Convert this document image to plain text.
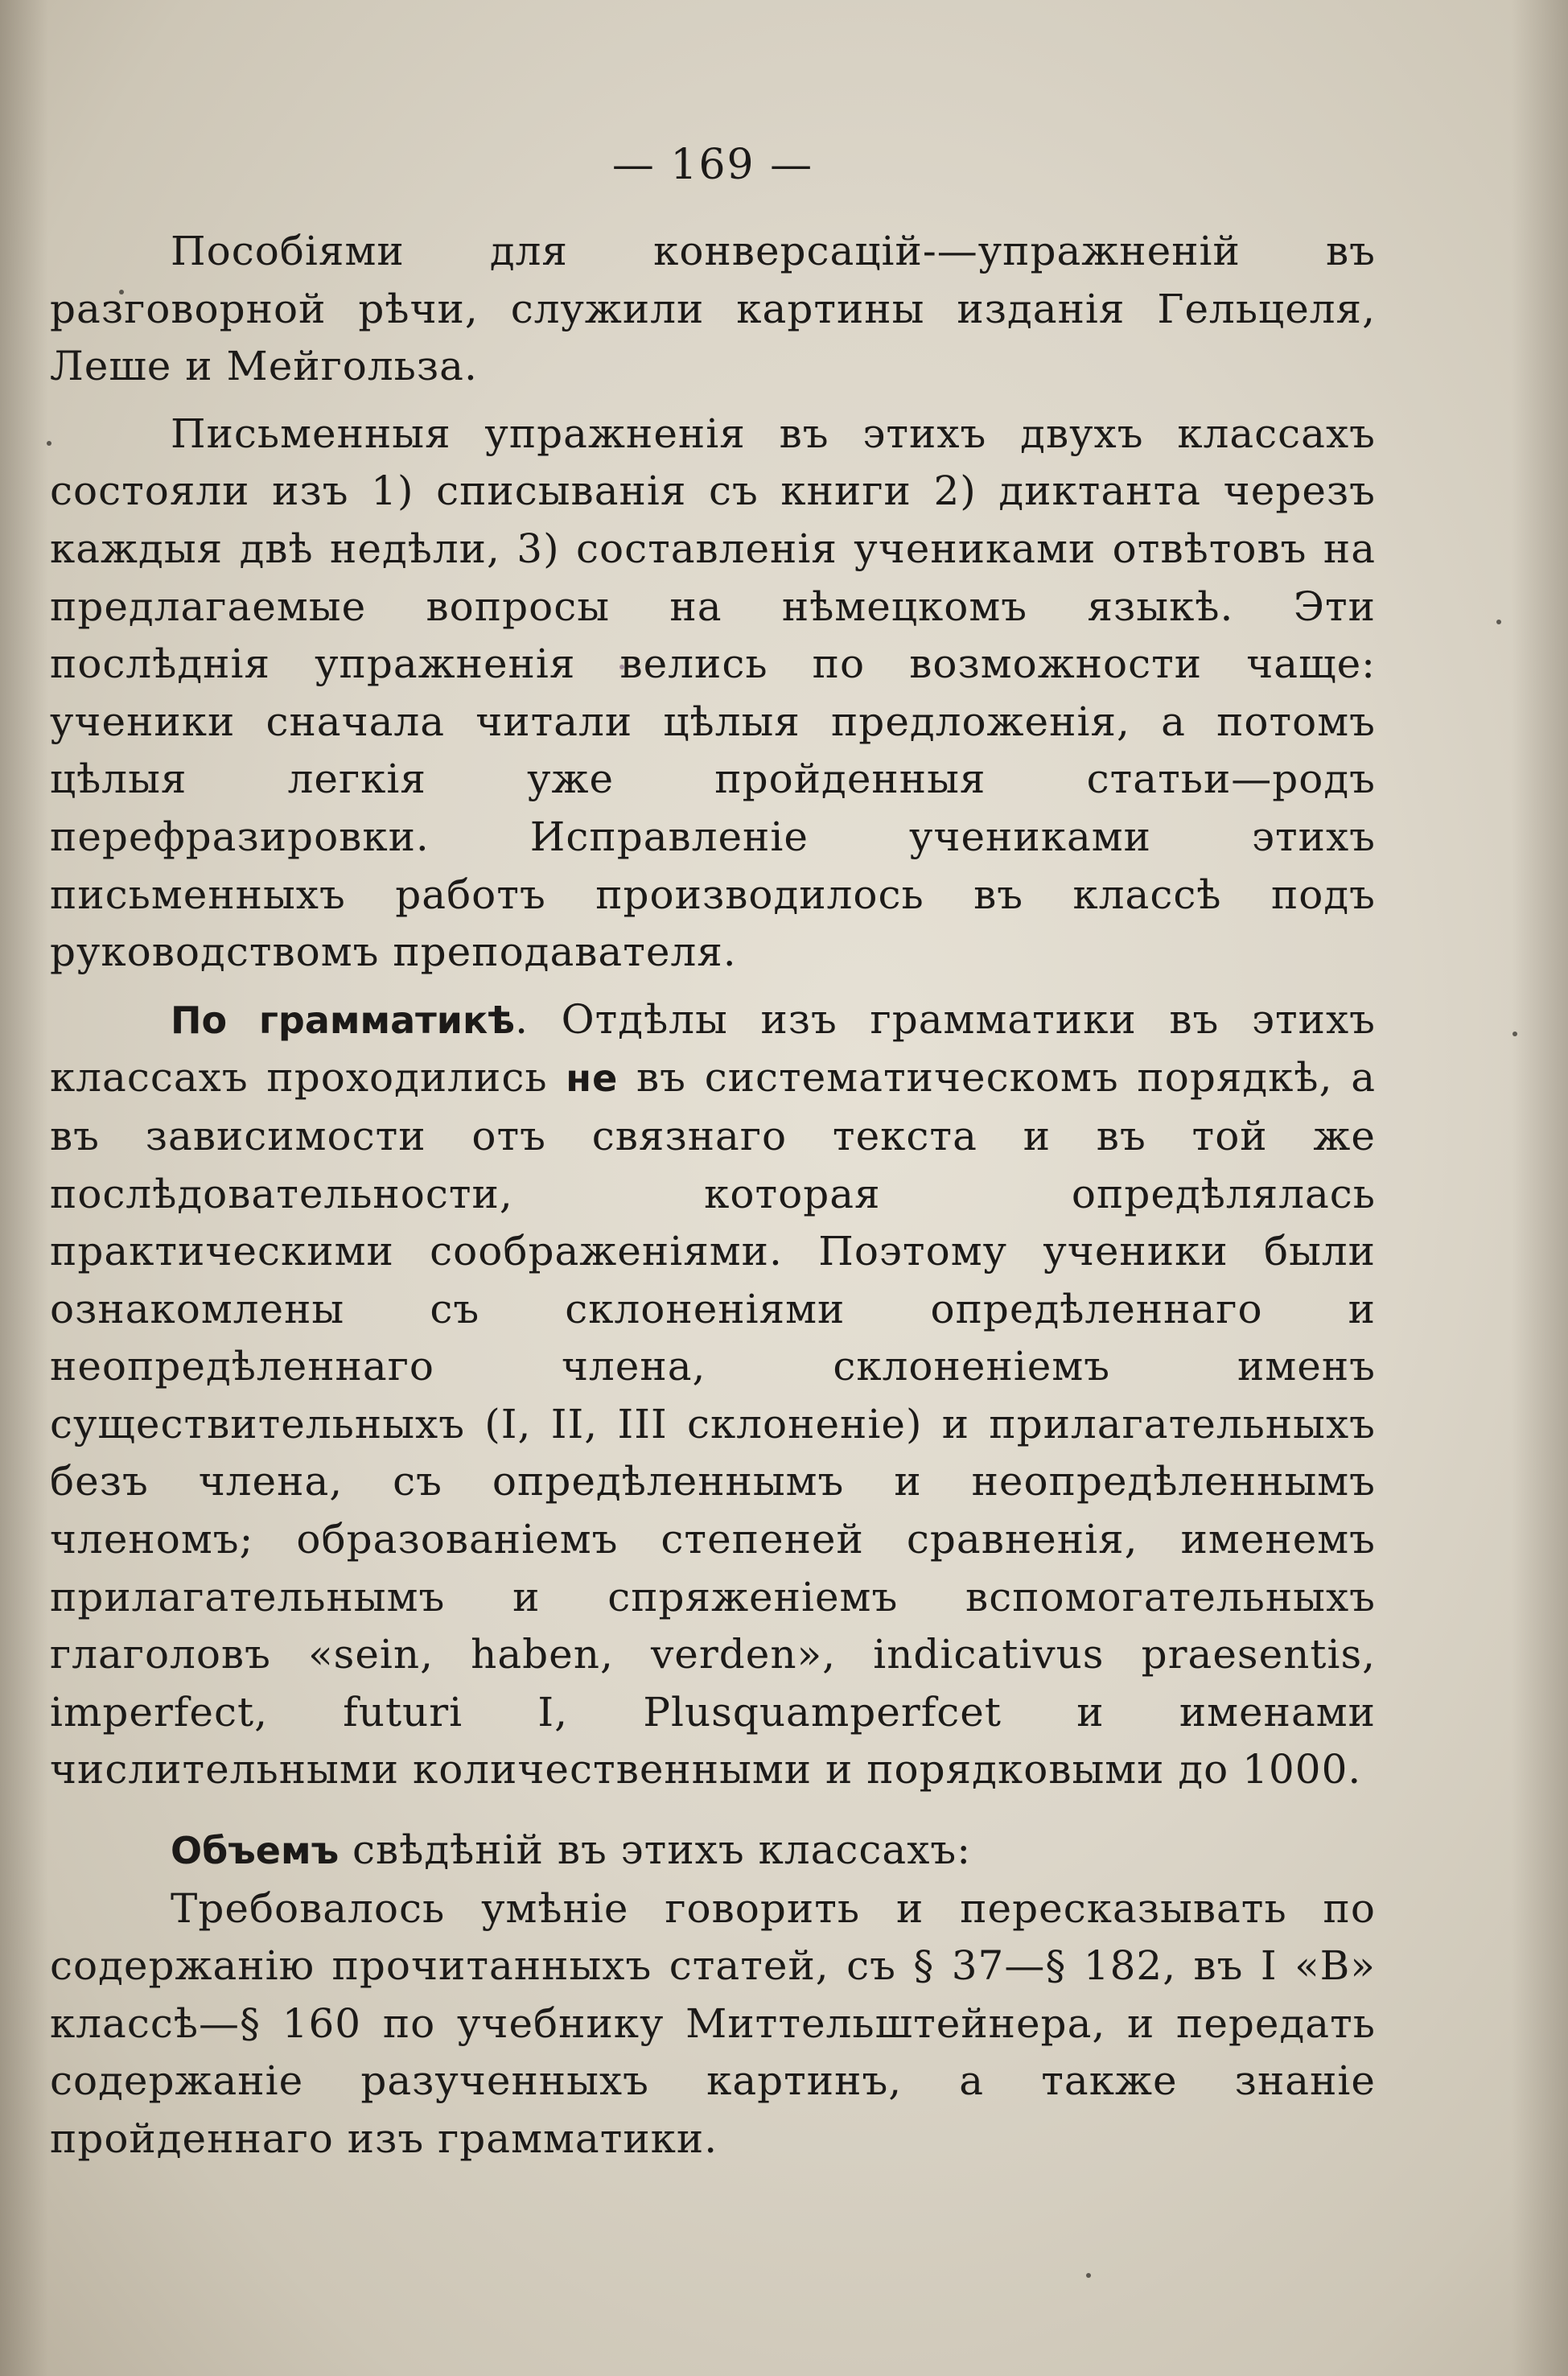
— 169 —

Пособіями для конверсацій-—упражненій въ разговорной рѣчи, служили картины изданія Гельцеля, Леше и Мейгольза.

Письменныя упражненія въ этихъ двухъ классахъ состояли изъ 1) списыванія съ книги 2) диктанта черезъ каждыя двѣ недѣли, 3) составленія учениками отвѣтовъ на предлагаемые вопросы на нѣмецкомъ языкѣ. Эти послѣднія упражненія велись по возможности чаще: ученики сначала читали цѣлыя предложенія, а потомъ цѣлыя легкія уже пройденныя статьи—родъ перефразировки. Исправленіе учениками этихъ письменныхъ работъ производилось въ классѣ подъ руководствомъ преподавателя.

По грамматикѣ. Отдѣлы изъ грамматики въ этихъ классахъ проходились не въ систематическомъ порядкѣ, а въ зависимости отъ связнаго текста и въ той же послѣдовательности, которая опредѣлялась практическими соображеніями. Поэтому ученики были ознакомлены съ склоненіями опредѣленнаго и неопредѣленнаго члена, склоненіемъ именъ существительныхъ (I, II, III склоненіе) и прилагательныхъ безъ члена, съ опредѣленнымъ и неопредѣленнымъ членомъ; образованіемъ степеней сравненія, именемъ прилагательнымъ и спряженіемъ вспомогательныхъ глаголовъ «sein, haben, verden», indicativus praesentis, imperfect, futuri I, Plusquamperfcet и именами числительными количественными и порядковыми до 1000.

Объемъ свѣдѣній въ этихъ классахъ:

Требовалось умѣніе говорить и пересказывать по содержанію прочитанныхъ статей, съ § 37—§ 182, въ I «В» классѣ—§ 160 по учебнику Миттельштейнера, и передать содержаніе разученныхъ картинъ, а также знаніе пройденнаго изъ грамматики.
